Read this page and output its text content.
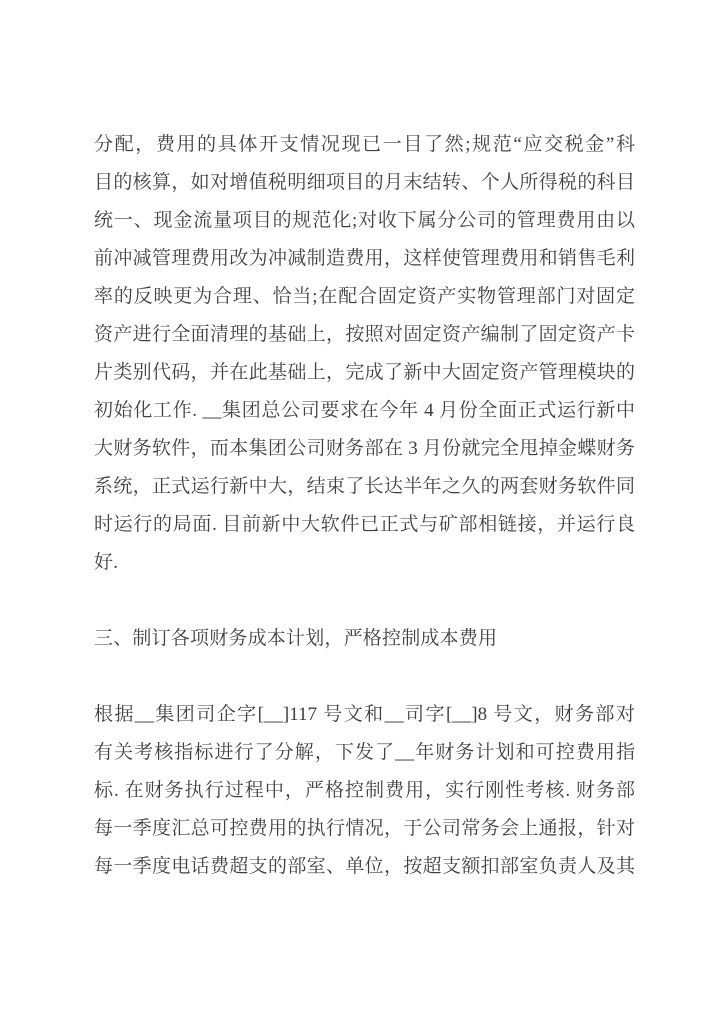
分配，费用的具体开支情况现已一目了然;规范“应交税金”科
目的核算，如对增值税明细项目的月末结转、个人所得税的科目
统一、现金流量项目的规范化;对收下属分公司的管理费用由以
前冲减管理费用改为冲减制造费用，这样使管理费用和销售毛利
率的反映更为合理、恰当;在配合固定资产实物管理部门对固定
资产进行全面清理的基础上，按照对固定资产编制了固定资产卡
片类别代码，并在此基础上，完成了新中大固定资产管理模块的
初始化工作. __集团总公司要求在今年 4 月份全面正式运行新中
大财务软件，而本集团公司财务部在 3 月份就完全甩掉金蝶财务
系统，正式运行新中大，结束了长达半年之久的两套财务软件同
时运行的局面. 目前新中大软件已正式与矿部相链接，并运行良
好.
三、制订各项财务成本计划，严格控制成本费用
根据__集团司企字[__]117 号文和__司字[__]8 号文，财务部对
有关考核指标进行了分解，下发了__年财务计划和可控费用指
标. 在财务执行过程中，严格控制费用，实行刚性考核. 财务部
每一季度汇总可控费用的执行情况，于公司常务会上通报，针对
每一季度电话费超支的部室、单位，按超支额扣部室负责人及其
